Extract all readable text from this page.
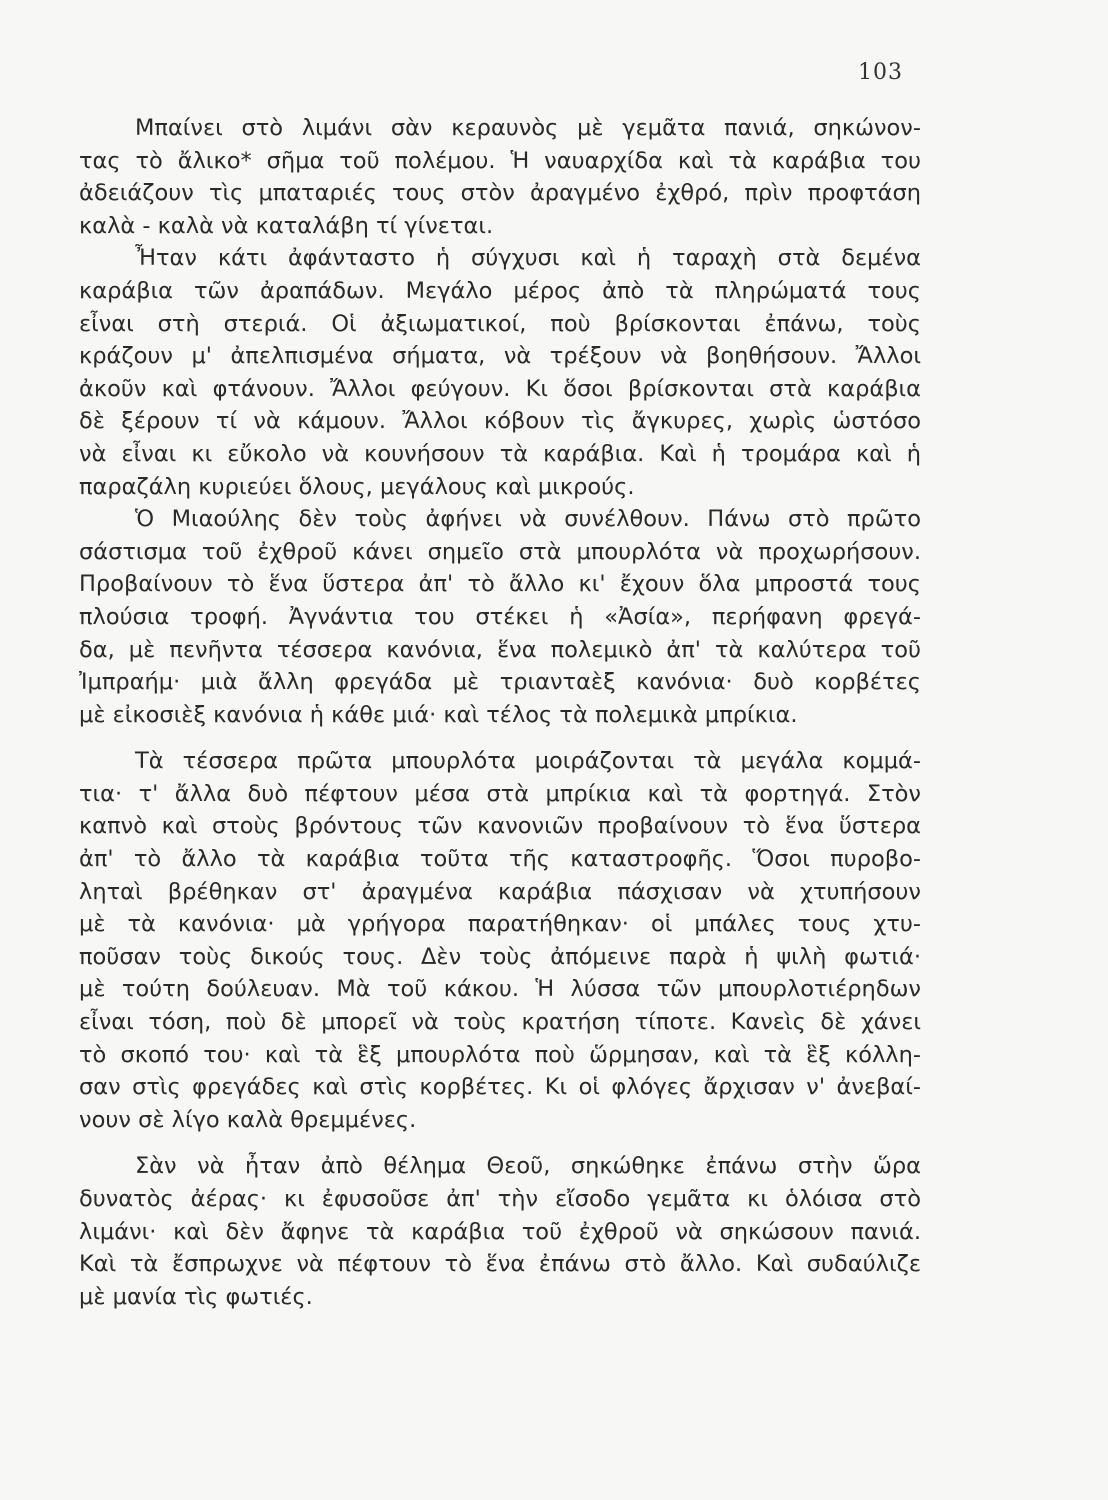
103
Μπαίνει στὸ λιμάνι σὰν κεραυνὸς μὲ γεμᾶτα πανιά, σηκώνον-
τας τὸ ἄλικο* σῆμα τοῦ πολέμου. Ἡ ναυαρχίδα καὶ τὰ καράβια του
ἀδειάζουν τὶς μπαταριές τους στὸν ἀραγμένο ἐχθρό, πρὶν προφτάση
καλὰ - καλὰ νὰ καταλάβη τί γίνεται.
Ἦταν κάτι ἀφάνταστο ἡ σύγχυσι καὶ ἡ ταραχὴ στὰ δεμένα
καράβια τῶν ἀραπάδων. Μεγάλο μέρος ἀπὸ τὰ πληρώματά τους
εἶναι στὴ στεριά. Οἱ ἀξιωματικοί, ποὺ βρίσκονται ἐπάνω, τοὺς
κράζουν μ' ἀπελπισμένα σήματα, νὰ τρέξουν νὰ βοηθήσουν. Ἄλλοι
ἀκοῦν καὶ φτάνουν. Ἄλλοι φεύγουν. Κι ὅσοι βρίσκονται στὰ καράβια
δὲ ξέρουν τί νὰ κάμουν. Ἄλλοι κόβουν τὶς ἄγκυρες, χωρὶς ὡστόσο
νὰ εἶναι κι εὔκολο νὰ κουνήσουν τὰ καράβια. Καὶ ἡ τρομάρα καὶ ἡ
παραζάλη κυριεύει ὅλους, μεγάλους καὶ μικρούς.
Ὁ Μιαούλης δὲν τοὺς ἀφήνει νὰ συνέλθουν. Πάνω στὸ πρῶτο
σάστισμα τοῦ ἐχθροῦ κάνει σημεῖο στὰ μπουρλότα νὰ προχωρήσουν.
Προβαίνουν τὸ ἕνα ὕστερα ἀπ' τὸ ἄλλο κι' ἔχουν ὅλα μπροστά τους
πλούσια τροφή. Ἀγνάντια του στέκει ἡ «Ἀσία», περήφανη φρεγά-
δα, μὲ πενῆντα τέσσερα κανόνια, ἕνα πολεμικὸ ἀπ' τὰ καλύτερα τοῦ
Ἰμπραήμ· μιὰ ἄλλη φρεγάδα μὲ τριανταὲξ κανόνια· δυὸ κορβέτες
μὲ εἰκοσιὲξ κανόνια ἡ κάθε μιά· καὶ τέλος τὰ πολεμικὰ μπρίκια.
Τὰ τέσσερα πρῶτα μπουρλότα μοιράζονται τὰ μεγάλα κομμά-
τια· τ' ἄλλα δυὸ πέφτουν μέσα στὰ μπρίκια καὶ τὰ φορτηγά. Στὸν
καπνὸ καὶ στοὺς βρόντους τῶν κανονιῶν προβαίνουν τὸ ἕνα ὕστερα
ἀπ' τὸ ἄλλο τὰ καράβια τοῦτα τῆς καταστροφῆς. Ὅσοι πυροβο-
ληταὶ βρέθηκαν στ' ἀραγμένα καράβια πάσχισαν νὰ χτυπήσουν
μὲ τὰ κανόνια· μὰ γρήγορα παρατήθηκαν· οἱ μπάλες τους χτυ-
ποῦσαν τοὺς δικούς τους. Δὲν τοὺς ἀπόμεινε παρὰ ἡ ψιλὴ φωτιά·
μὲ τούτη δούλευαν. Μὰ τοῦ κάκου. Ἡ λύσσα τῶν μπουρλοτιέρηδων
εἶναι τόση, ποὺ δὲ μπορεῖ νὰ τοὺς κρατήση τίποτε. Κανεὶς δὲ χάνει
τὸ σκοπό του· καὶ τὰ ἓξ μπουρλότα ποὺ ὥρμησαν, καὶ τὰ ἓξ κόλλη-
σαν στὶς φρεγάδες καὶ στὶς κορβέτες. Κι οἱ φλόγες ἄρχισαν ν' ἀνεβαί-
νουν σὲ λίγο καλὰ θρεμμένες.
Σὰν νὰ ἦταν ἀπὸ θέλημα Θεοῦ, σηκώθηκε ἐπάνω στὴν ὥρα
δυνατὸς ἀέρας· κι ἐφυσοῦσε ἀπ' τὴν εἴσοδο γεμᾶτα κι ὁλόισα στὸ
λιμάνι· καὶ δὲν ἄφηνε τὰ καράβια τοῦ ἐχθροῦ νὰ σηκώσουν πανιά.
Καὶ τὰ ἔσπρωχνε νὰ πέφτουν τὸ ἕνα ἐπάνω στὸ ἄλλο. Καὶ συδαύλιζε
μὲ μανία τὶς φωτιές.
